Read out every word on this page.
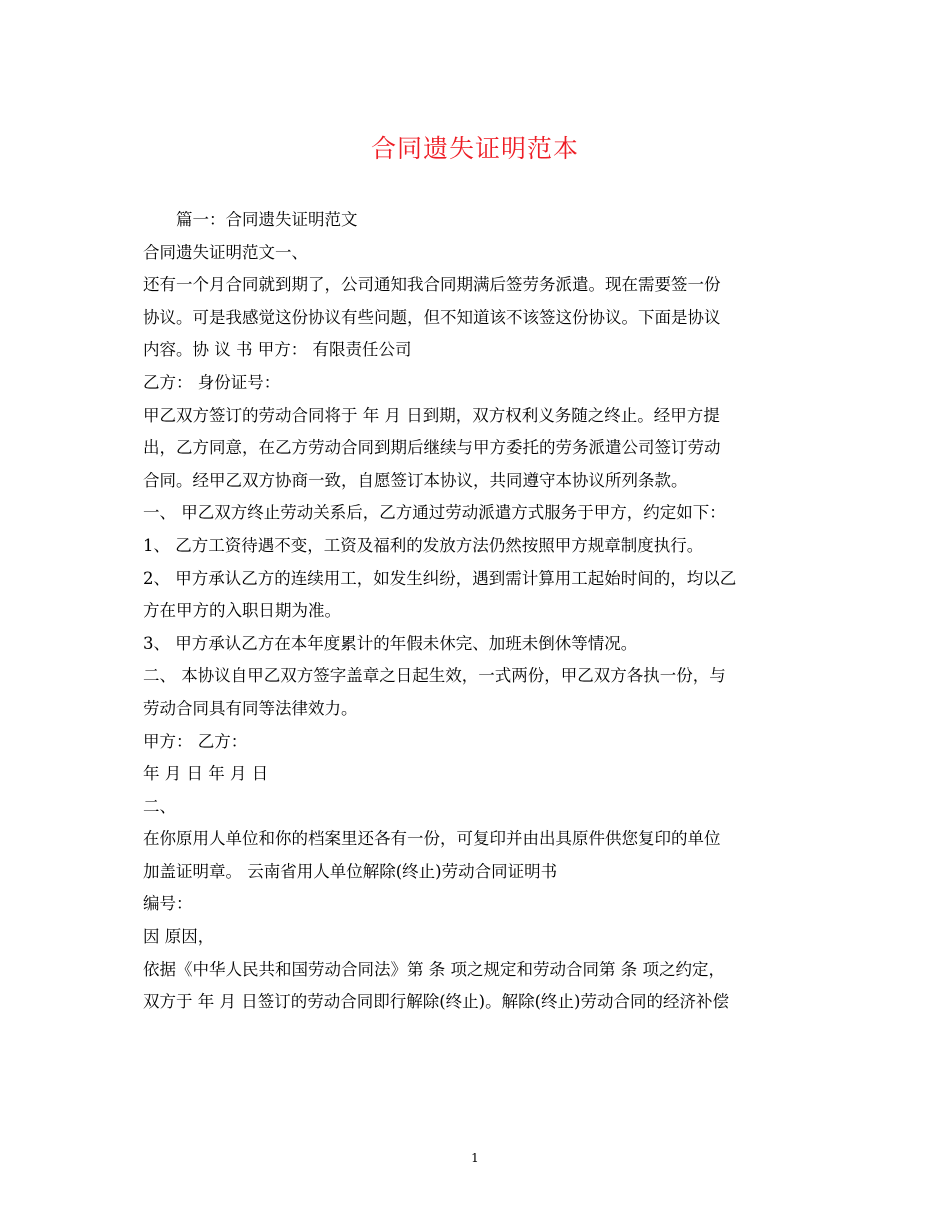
合同遗失证明范本
篇一：合同遗失证明范文
合同遗失证明范文一、
还有一个月合同就到期了，公司通知我合同期满后签劳务派遣。现在需要签一份
协议。可是我感觉这份协议有些问题，但不知道该不该签这份协议。下面是协议
内容。协 议 书 甲方： 有限责任公司
乙方： 身份证号：
甲乙双方签订的劳动合同将于 年 月 日到期，双方权利义务随之终止。经甲方提
出，乙方同意，在乙方劳动合同到期后继续与甲方委托的劳务派遣公司签订劳动
合同。经甲乙双方协商一致，自愿签订本协议，共同遵守本协议所列条款。
一、 甲乙双方终止劳动关系后，乙方通过劳动派遣方式服务于甲方，约定如下：
1、 乙方工资待遇不变，工资及福利的发放方法仍然按照甲方规章制度执行。
2、 甲方承认乙方的连续用工，如发生纠纷，遇到需计算用工起始时间的，均以乙
方在甲方的入职日期为准。
3、 甲方承认乙方在本年度累计的年假未休完、加班未倒休等情况。
二、 本协议自甲乙双方签字盖章之日起生效，一式两份，甲乙双方各执一份，与
劳动合同具有同等法律效力。
甲方： 乙方：
年 月 日 年 月 日
二、
在你原用人单位和你的档案里还各有一份，可复印并由出具原件供您复印的单位
加盖证明章。 云南省用人单位解除(终止)劳动合同证明书
编号：
因 原因，
依据《中华人民共和国劳动合同法》第 条 项之规定和劳动合同第 条 项之约定，
双方于 年 月 日签订的劳动合同即行解除(终止)。解除(终止)劳动合同的经济补偿
1
